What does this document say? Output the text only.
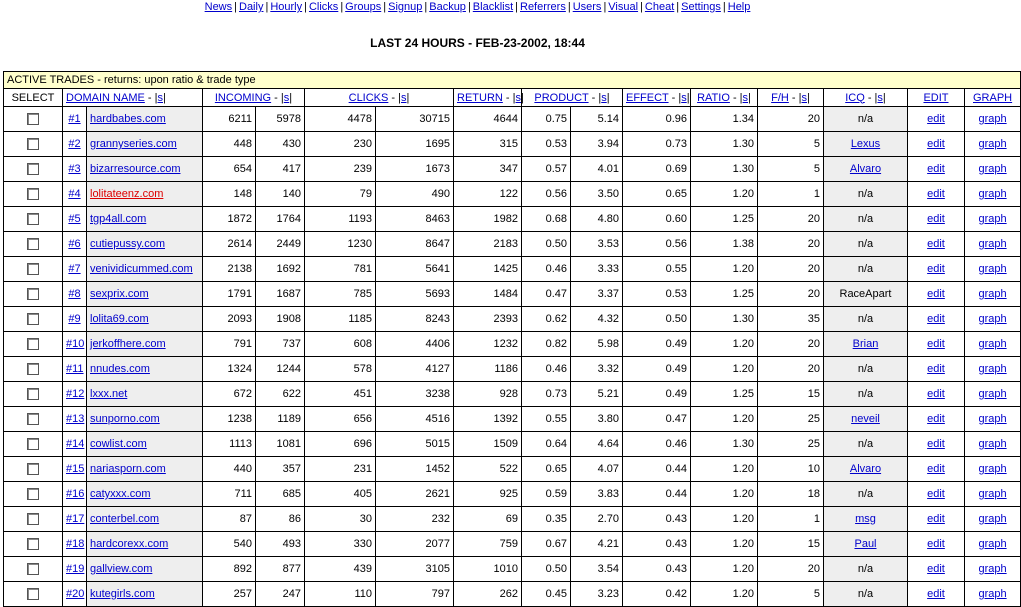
News | Daily | Hourly | Clicks | Groups | Signup | Backup | Blacklist | Referrers | Users | Visual | Cheat | Settings | Help
LAST 24 HOURS - FEB-23-2002, 18:44
ACTIVE TRADES - returns: upon ratio & trade type															
SELECT	DOMAIN NAME - |s|		INCOMING - |s|		CLICKS - |s|		RETURN - |s|	PRODUCT - |s|		EFFECT - |s|	RATIO - |s|	F/H - |s|	ICQ - |s|	EDIT	GRAPH
	#1	hardbabes.com	6211	5978	4478	30715	4644	0.75	5.14	0.96	1.34	20	n/a	edit	graph
	#2	grannyseries.com	448	430	230	1695	315	0.53	3.94	0.73	1.30	5	Lexus	edit	graph
	#3	bizarresource.com	654	417	239	1673	347	0.57	4.01	0.69	1.30	5	Alvaro	edit	graph
	#4	lolitateenz.com	148	140	79	490	122	0.56	3.50	0.65	1.20	1	n/a	edit	graph
	#5	tgp4all.com	1872	1764	1193	8463	1982	0.68	4.80	0.60	1.25	20	n/a	edit	graph
	#6	cutiepussy.com	2614	2449	1230	8647	2183	0.50	3.53	0.56	1.38	20	n/a	edit	graph
	#7	venividicummed.com	2138	1692	781	5641	1425	0.46	3.33	0.55	1.20	20	n/a	edit	graph
	#8	sexprix.com	1791	1687	785	5693	1484	0.47	3.37	0.53	1.25	20	RaceApart	edit	graph
	#9	lolita69.com	2093	1908	1185	8243	2393	0.62	4.32	0.50	1.30	35	n/a	edit	graph
	#10	jerkoffhere.com	791	737	608	4406	1232	0.82	5.98	0.49	1.20	20	Brian	edit	graph
	#11	nnudes.com	1324	1244	578	4127	1186	0.46	3.32	0.49	1.20	20	n/a	edit	graph
	#12	lxxx.net	672	622	451	3238	928	0.73	5.21	0.49	1.25	15	n/a	edit	graph
	#13	sunporno.com	1238	1189	656	4516	1392	0.55	3.80	0.47	1.20	25	neveil	edit	graph
	#14	cowlist.com	1113	1081	696	5015	1509	0.64	4.64	0.46	1.30	25	n/a	edit	graph
	#15	nariasporn.com	440	357	231	1452	522	0.65	4.07	0.44	1.20	10	Alvaro	edit	graph
	#16	catyxxx.com	711	685	405	2621	925	0.59	3.83	0.44	1.20	18	n/a	edit	graph
	#17	conterbel.com	87	86	30	232	69	0.35	2.70	0.43	1.20	1	msg	edit	graph
	#18	hardcorexx.com	540	493	330	2077	759	0.67	4.21	0.43	1.20	15	Paul	edit	graph
	#19	gallview.com	892	877	439	3105	1010	0.50	3.54	0.43	1.20	20	n/a	edit	graph
	#20	kutegirls.com	257	247	110	797	262	0.45	3.23	0.42	1.20	5	n/a	edit	graph
